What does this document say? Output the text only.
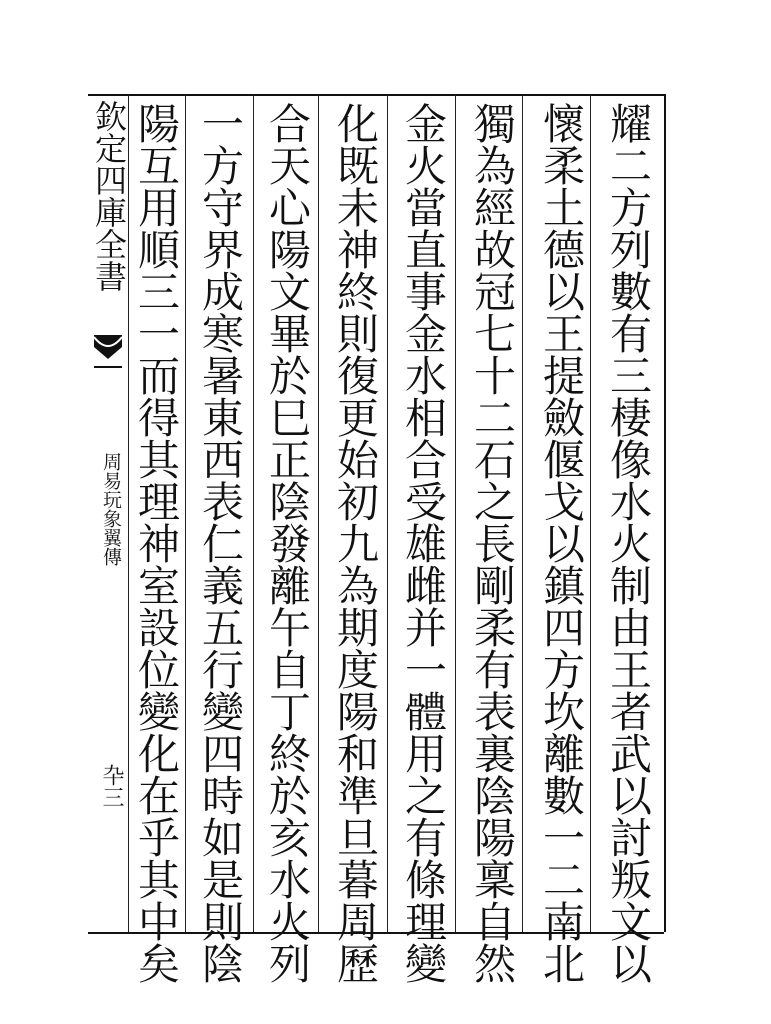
欽定四庫全書
周易玩象翼傳
卆三	耀二方列數有三棲像水火制由王者武以討叛文以
懷柔土德以王提斂偃戈以鎮四方坎離數一二南北
獨為經故冠七十二石之長剛柔有表裏陰陽稟自然
金火當直事金水相合受雄雌并一體用之有條理變
化既未神終則復更始初九為期度陽和準旦暮周歷
合天心陽文畢於巳正陰發離午自丁終於亥水火列
一方守界成寒暑東西表仁義五行變四時如是則陰
陽互用順三一而得其理神室設位變化在乎其中矣
